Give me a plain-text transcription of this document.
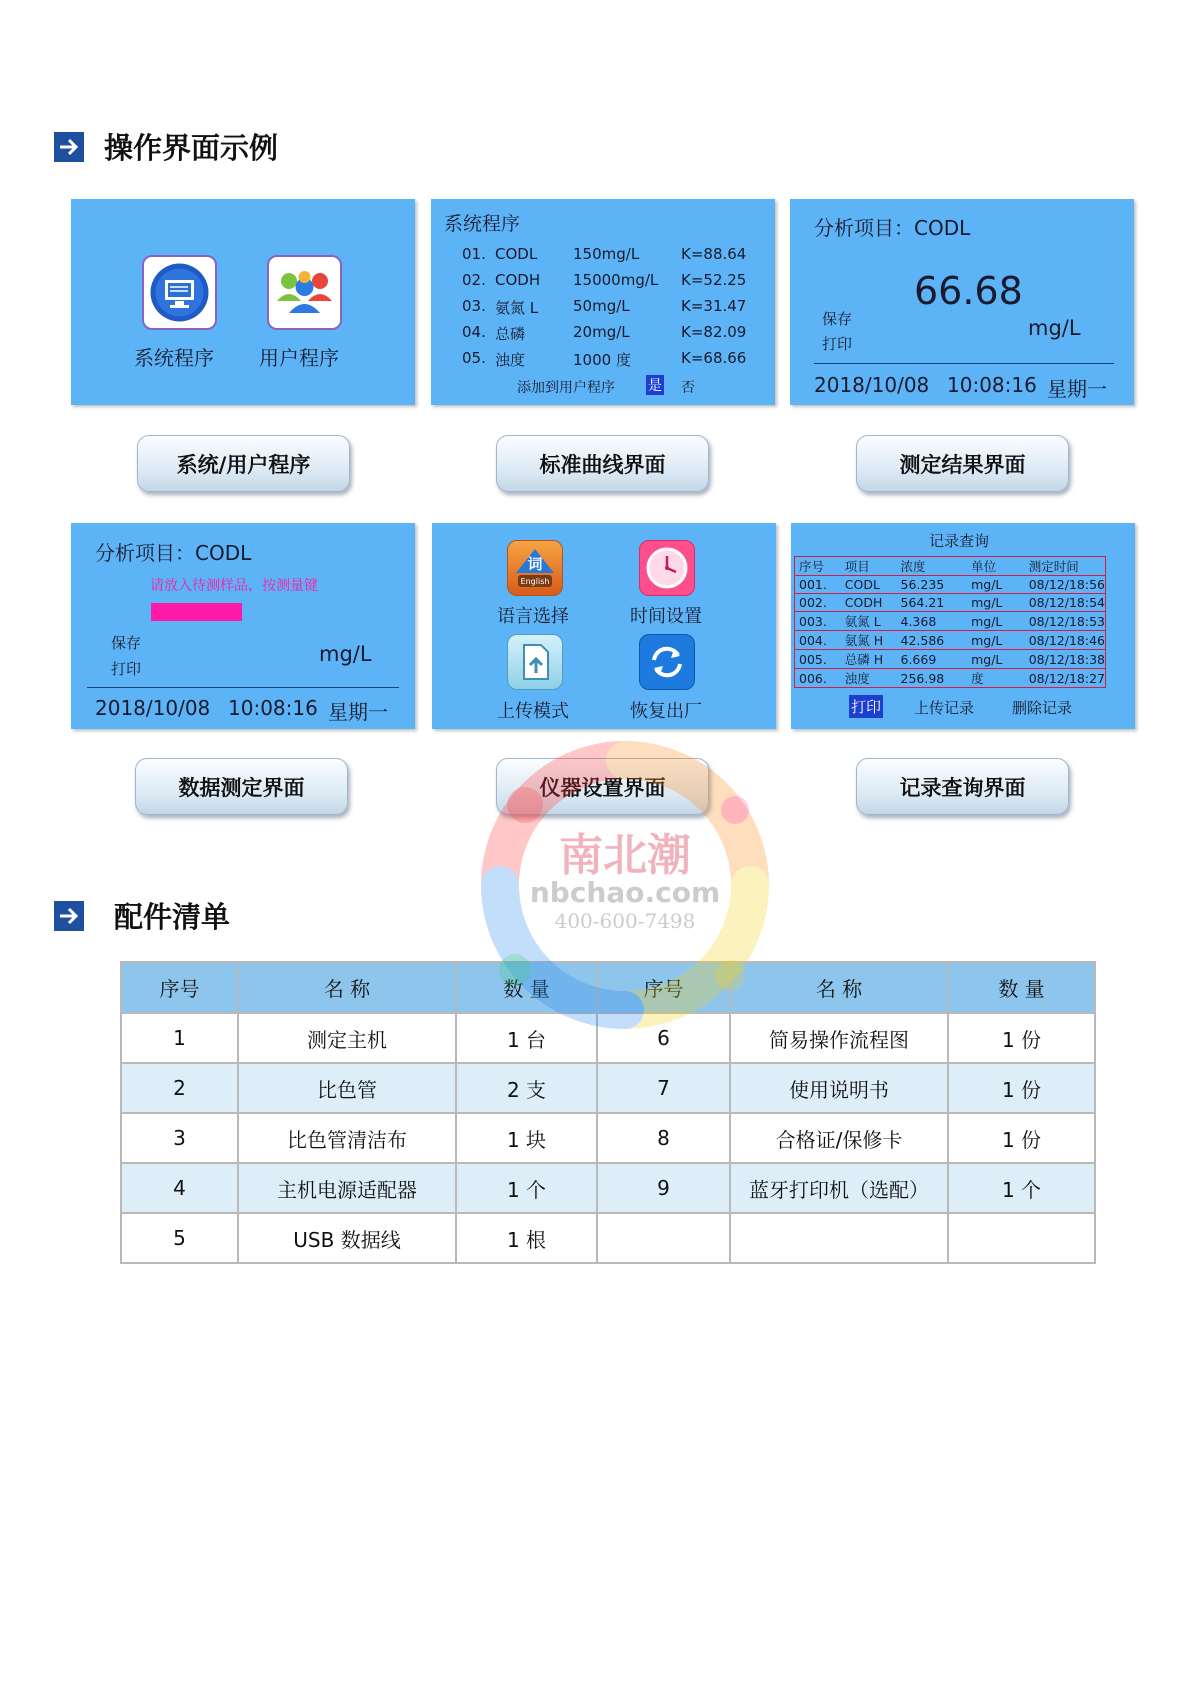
操作界面示例
系统程序 用户程序
系统程序
01. CODL 150mg/L	K=88.64
02. CODH 15000mg/L K=52.25
03. 氨氮 L 50mg/L	K=31.47
04. 总磷	20mg/L	K=82.09
05. 浊度	1000 度	K=68.66
添加到用户程序 是 否
分析项目：CODL
66.68
保存
打印
mg/L
2018/10/08 10:08:16 星期一
系统/用户程序	标准曲线界面	测定结果界面
分析项目：CODL
请放入待测样品，按测量键
保存
打印
mg/L
2018/10/08 10:08:16 星期一
词
English
语言选择	时间设置
上传模式	恢复出厂
记录查询
序号	项目	浓度	单位	测定时间
001.	CODL	56.235	mg/L	08/12/18:56
002.	CODH	564.21	mg/L	08/12/18:54
003.	氨氮 L	4.368	mg/L	08/12/18:53
004.	氨氮 H	42.586	mg/L	08/12/18:46
005.	总磷 H	6.669	mg/L	08/12/18:38
006.	浊度	256.98	度	08/12/18:27
打印 上传记录	删除记录
数据测定界面	仪器设置界面	记录查询界面
配件清单
序号	名 称	数 量	序号	名 称	数 量
1	测定主机	1 台	6	简易操作流程图	1 份
2	比色管	2 支	7	使用说明书	1 份
3	比色管清洁布	1 块	8	合格证/保修卡	1 份
4	主机电源适配器	1 个	9	蓝牙打印机（选配）	1 个
5	USB 数据线	1 根			
南北潮
nbchao.com
400-600-7498
